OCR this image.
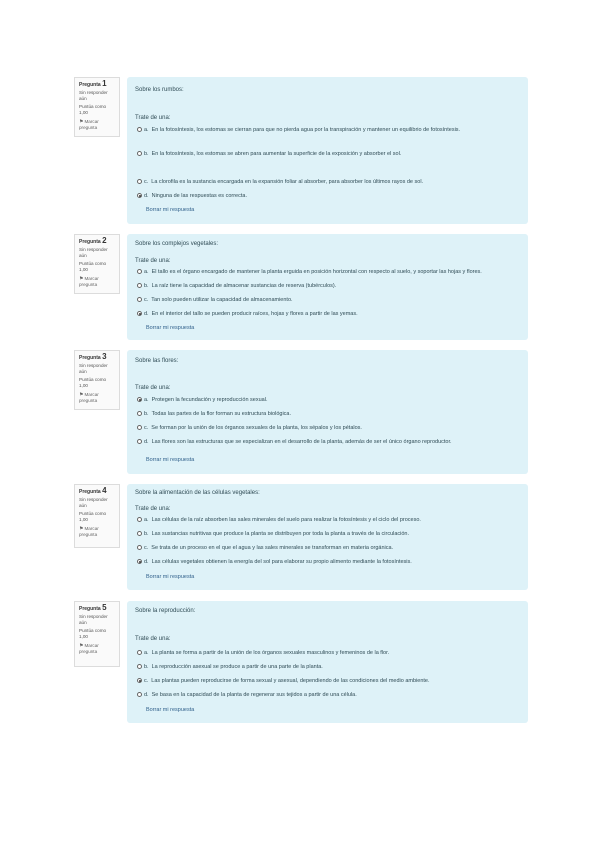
Pregunta 1
Sin responder aún
Puntúa como 1,00
⚑ Marcar pregunta
Sobre los rumbos:
Trate de una:
a. En la fotosíntesis, los estomas se cierran para que no pierda agua por la transpiración y mantener un equilibrio de fotosíntesis.
b. En la fotosíntesis, los estomas se abren para aumentar la superficie de la exposición y absorber el sol.
c. La clorofila es la sustancia encargada en la expansión foliar al absorber, para absorber los últimos rayos de sol.
d. Ninguna de las respuestas es correcta.
Borrar mi respuesta
Pregunta 2
Sin responder aún
Puntúa como 1,00
⚑ Marcar pregunta
Sobre los complejos vegetales:
Trate de una:
a. El tallo es el órgano encargado de mantener la planta erguida en posición horizontal con respecto al suelo, y soportar las hojas y flores.
b. La raíz tiene la capacidad de almacenar sustancias de reserva (tubérculos).
c. Tan solo pueden utilizar la capacidad de almacenamiento.
d. En el interior del tallo se pueden producir raíces, hojas y flores a partir de las yemas.
Borrar mi respuesta
Pregunta 3
Sin responder aún
Puntúa como 1,00
⚑ Marcar pregunta
Sobre las flores:
Trate de una:
a. Protegen la fecundación y reproducción sexual.
b. Todas las partes de la flor forman su estructura biológica.
c. Se forman por la unión de los órganos sexuales de la planta, los sépalos y los pétalos.
d. Las flores son las estructuras que se especializan en el desarrollo de la planta, además de ser el único órgano reproductor.
Borrar mi respuesta
Pregunta 4
Sin responder aún
Puntúa como 1,00
⚑ Marcar pregunta
Sobre la alimentación de las células vegetales:
Trate de una:
a. Las células de la raíz absorben las sales minerales del suelo para realizar la fotosíntesis y el ciclo del proceso.
b. Las sustancias nutritivas que produce la planta se distribuyen por toda la planta a través de la circulación.
c. Se trata de un proceso en el que el agua y las sales minerales se transforman en materia orgánica.
d. Las células vegetales obtienen la energía del sol para elaborar su propio alimento mediante la fotosíntesis.
Borrar mi respuesta
Pregunta 5
Sin responder aún
Puntúa como 1,00
⚑ Marcar pregunta
Sobre la reproducción:
Trate de una:
a. La planta se forma a partir de la unión de los órganos sexuales masculinos y femeninos de la flor.
b. La reproducción asexual se produce a partir de una parte de la planta.
c. Las plantas pueden reproducirse de forma sexual y asexual, dependiendo de las condiciones del medio ambiente.
d. Se basa en la capacidad de la planta de regenerar sus tejidos a partir de una célula.
Borrar mi respuesta
